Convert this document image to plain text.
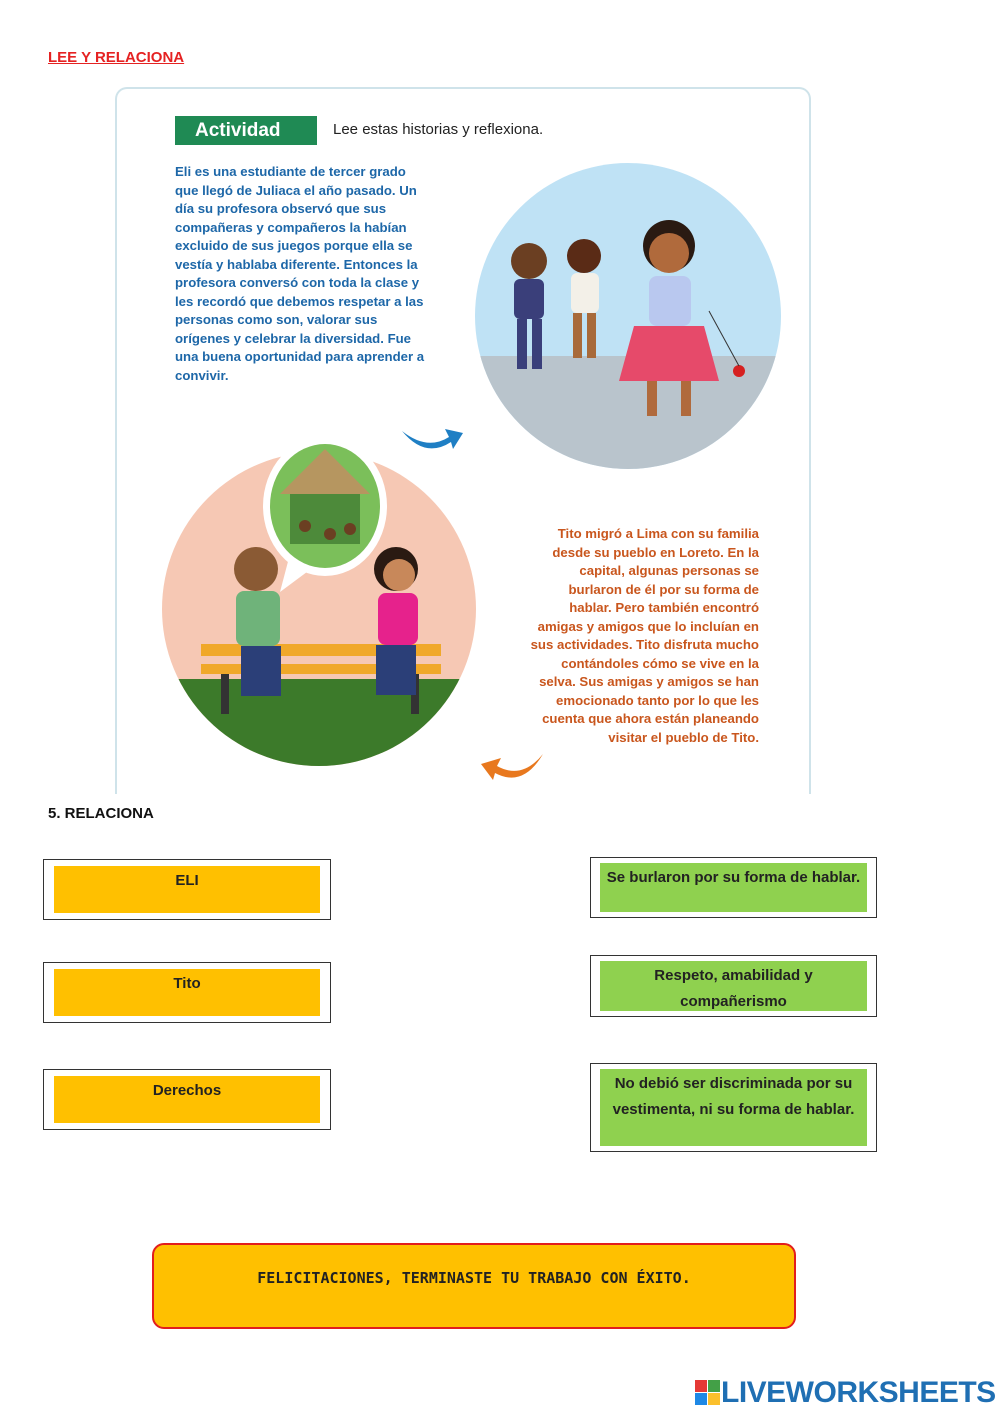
LEE Y RELACIONA
Actividad	Lee estas historias y reflexiona.
Eli es una estudiante de tercer grado que llegó de Juliaca el año pasado. Un día su profesora observó que sus compañeras y compañeros la habían excluido de sus juegos porque ella se vestía y hablaba diferente. Entonces la profesora conversó con toda la clase y les recordó que debemos respetar a las personas como son, valorar sus orígenes y celebrar la diversidad. Fue una buena oportunidad para aprender a convivir.
Tito migró a Lima con su familia desde su pueblo en Loreto. En la capital, algunas personas se burlaron de él por su forma de hablar. Pero también encontró amigas y amigos que lo incluían en sus actividades. Tito disfruta mucho contándoles cómo se vive en la selva. Sus amigas y amigos se han emocionado tanto por lo que les cuenta que ahora están planeando visitar el pueblo de Tito.
5. RELACIONA
ELI
Tito
Derechos
Se burlaron por su forma de hablar.
Respeto, amabilidad y compañerismo
No debió ser discriminada por su vestimenta, ni su forma de hablar.
FELICITACIONES, TERMINASTE TU TRABAJO CON ÉXITO.
LIVEWORKSHEETS
